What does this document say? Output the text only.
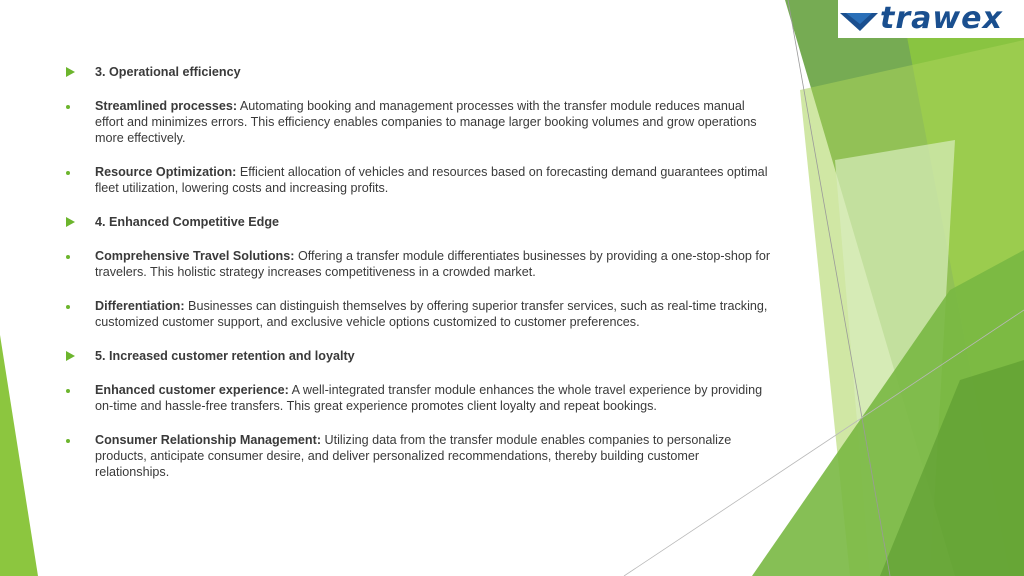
trawex
3. Operational efficiency
Streamlined processes: Automating booking and management processes with the transfer module reduces manual effort and minimizes errors. This efficiency enables companies to manage larger booking volumes and grow operations more effectively.
Resource Optimization: Efficient allocation of vehicles and resources based on forecasting demand guarantees optimal fleet utilization, lowering costs and increasing profits.
4. Enhanced Competitive Edge
Comprehensive Travel Solutions: Offering a transfer module differentiates businesses by providing a one-stop-shop for travelers. This holistic strategy increases competitiveness in a crowded market.
Differentiation: Businesses can distinguish themselves by offering superior transfer services, such as real-time tracking, customized customer support, and exclusive vehicle options customized to customer preferences.
5. Increased customer retention and loyalty
Enhanced customer experience: A well-integrated transfer module enhances the whole travel experience by providing on-time and hassle-free transfers. This great experience promotes client loyalty and repeat bookings.
Consumer Relationship Management: Utilizing data from the transfer module enables companies to personalize products, anticipate consumer desire, and deliver personalized recommendations, thereby building customer relationships.
